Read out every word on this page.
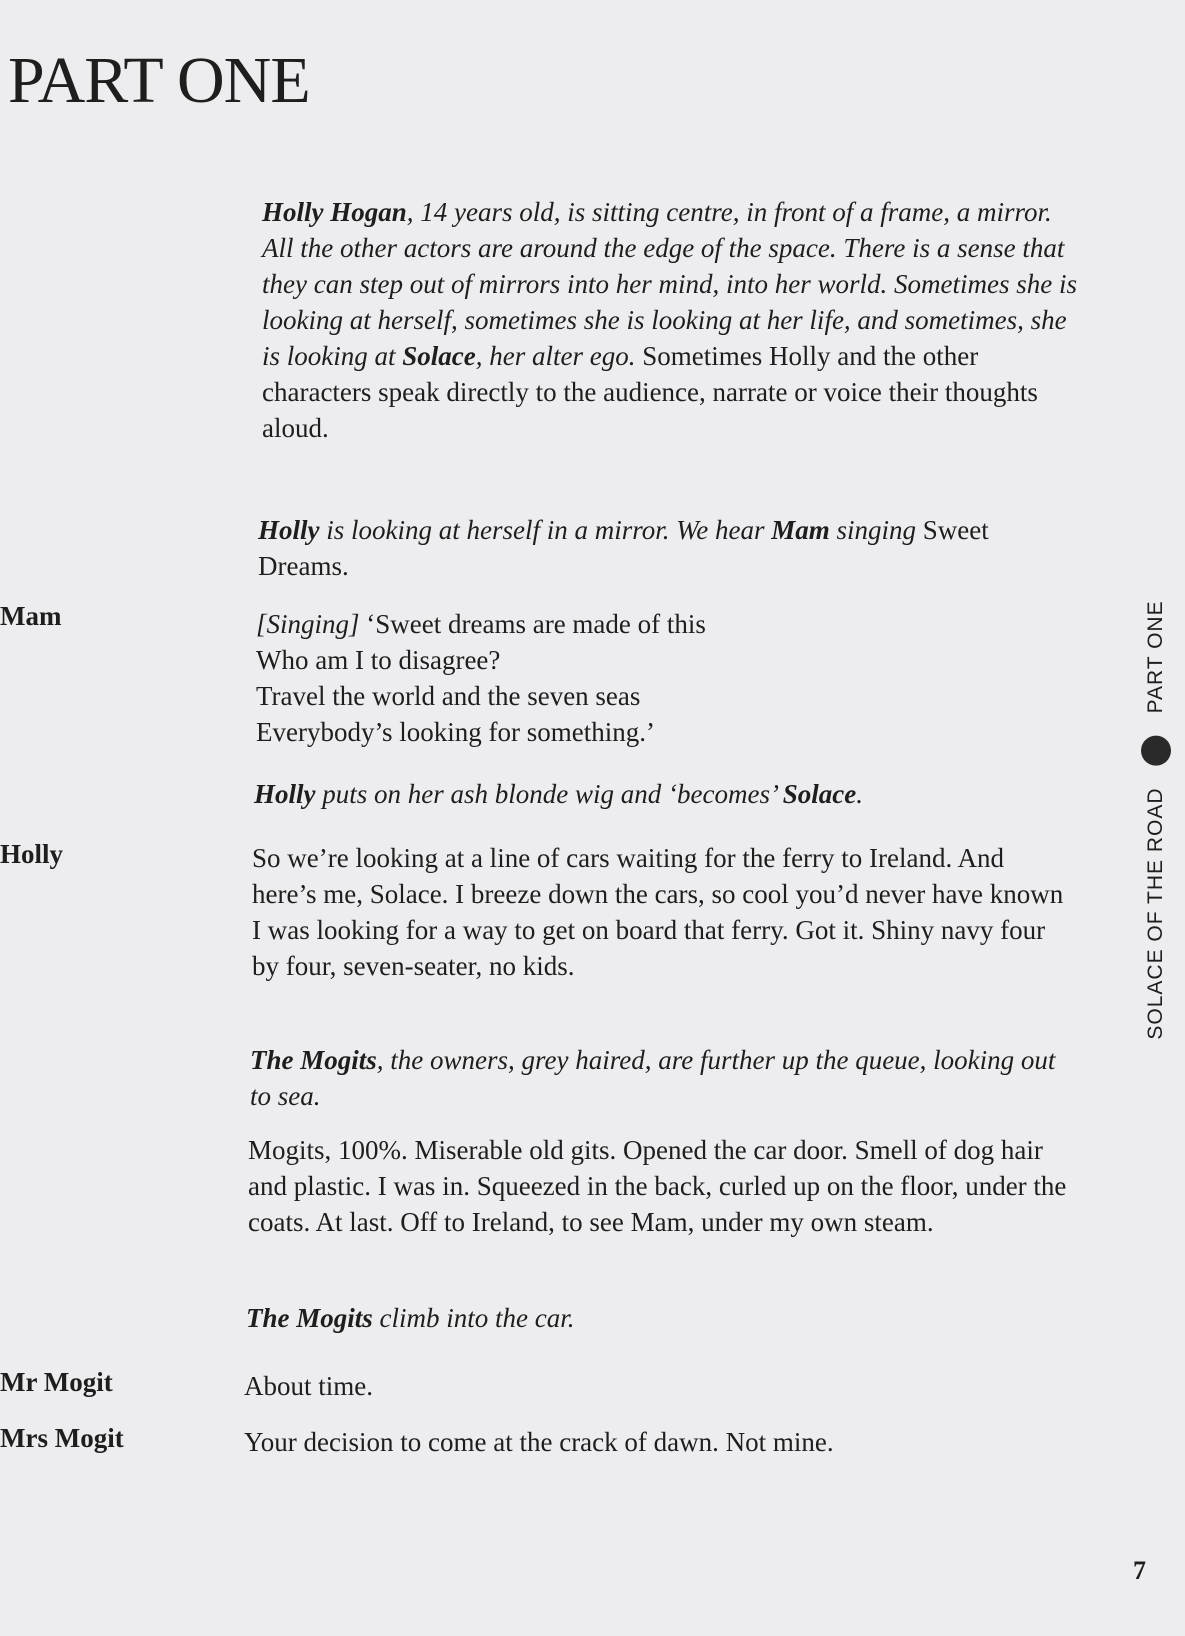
PART ONE

Holly Hogan, 14 years old, is sitting centre, in front of a frame, a mirror. All the other actors are around the edge of the space. There is a sense that they can step out of mirrors into her mind, into her world. Sometimes she is looking at herself, sometimes she is looking at her life, and sometimes, she is looking at Solace, her alter ego. Sometimes Holly and the other characters speak directly to the audience, narrate or voice their thoughts aloud.

Holly is looking at herself in a mirror. We hear Mam singing Sweet Dreams.

Mam	[Singing] ‘Sweet dreams are made of this

Who am I to disagree?

Travel the world and the seven seas

Everybody’s looking for something.’

Holly puts on her ash blonde wig and ‘becomes’ Solace.

Holly	So we’re looking at a line of cars waiting for the ferry to Ireland. And here’s me, Solace. I breeze down the cars, so cool you’d never have known I was looking for a way to get on board that ferry. Got it. Shiny navy four by four, seven-seater, no kids.

The Mogits, the owners, grey haired, are further up the queue, looking out to sea.

Mogits, 100%. Miserable old gits. Opened the car door. Smell of dog hair and plastic. I was in. Squeezed in the back, curled up on the floor, under the coats. At last. Off to Ireland, to see Mam, under my own steam.

The Mogits climb into the car.

Mr Mogit	About time.

Mrs Mogit	Your decision to come at the crack of dawn. Not mine.

SOLACE OF THE ROAD
PART ONE
7
